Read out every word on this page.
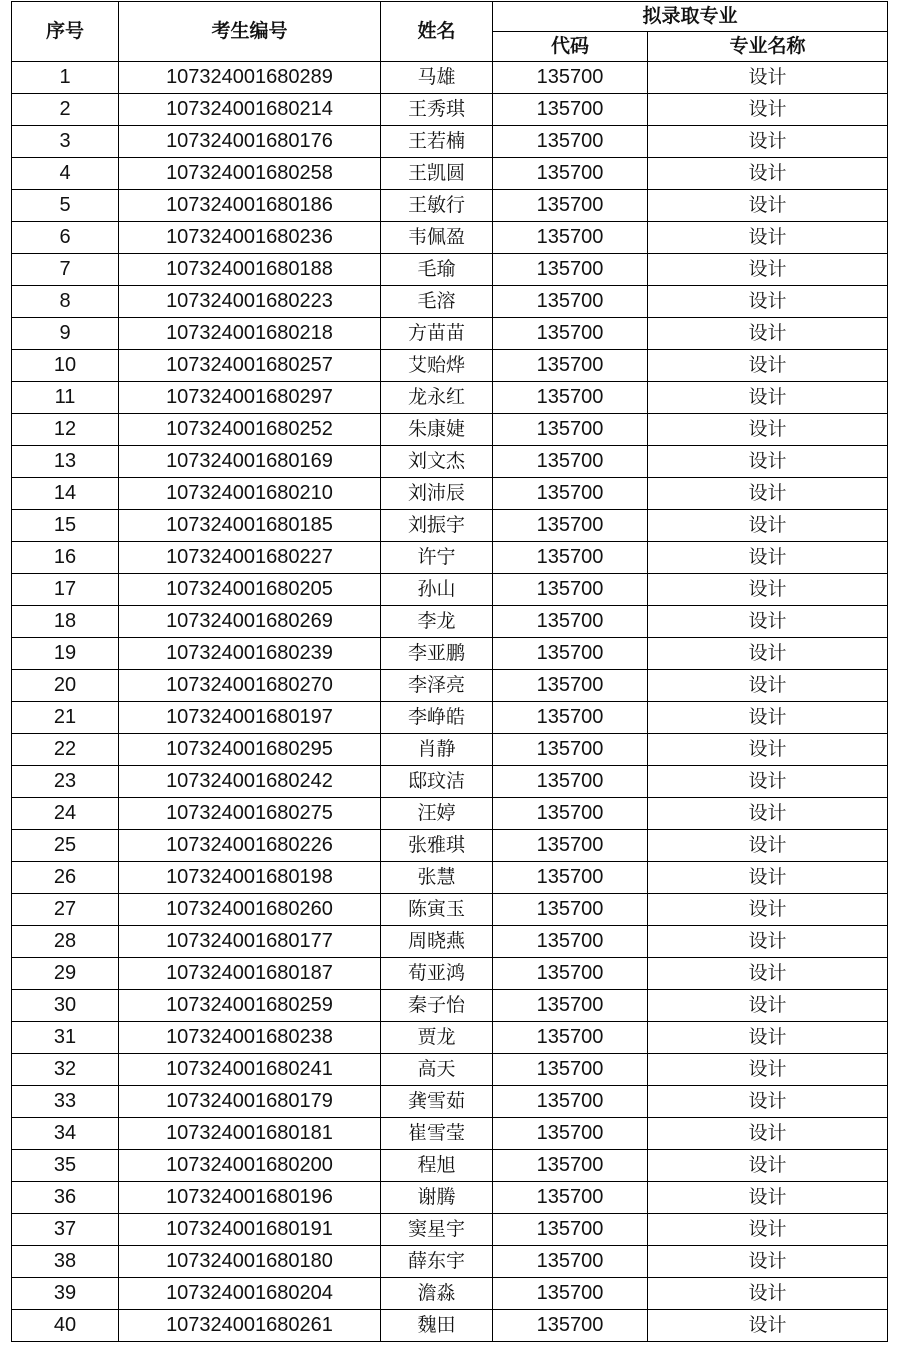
序号	考生编号	姓名	拟录取专业	
			代码	专业名称
1	107324001680289	马雄	135700	设计
2	107324001680214	王秀琪	135700	设计
3	107324001680176	王若楠	135700	设计
4	107324001680258	王凯圆	135700	设计
5	107324001680186	王敏行	135700	设计
6	107324001680236	韦佩盈	135700	设计
7	107324001680188	毛瑜	135700	设计
8	107324001680223	毛溶	135700	设计
9	107324001680218	方苗苗	135700	设计
10	107324001680257	艾贻烨	135700	设计
11	107324001680297	龙永红	135700	设计
12	107324001680252	朱康婕	135700	设计
13	107324001680169	刘文杰	135700	设计
14	107324001680210	刘沛辰	135700	设计
15	107324001680185	刘振宇	135700	设计
16	107324001680227	许宁	135700	设计
17	107324001680205	孙山	135700	设计
18	107324001680269	李龙	135700	设计
19	107324001680239	李亚鹏	135700	设计
20	107324001680270	李泽亮	135700	设计
21	107324001680197	李峥皓	135700	设计
22	107324001680295	肖静	135700	设计
23	107324001680242	邸玟洁	135700	设计
24	107324001680275	汪婷	135700	设计
25	107324001680226	张雅琪	135700	设计
26	107324001680198	张慧	135700	设计
27	107324001680260	陈寅玉	135700	设计
28	107324001680177	周晓燕	135700	设计
29	107324001680187	荀亚鸿	135700	设计
30	107324001680259	秦子怡	135700	设计
31	107324001680238	贾龙	135700	设计
32	107324001680241	高天	135700	设计
33	107324001680179	龚雪茹	135700	设计
34	107324001680181	崔雪莹	135700	设计
35	107324001680200	程旭	135700	设计
36	107324001680196	谢腾	135700	设计
37	107324001680191	窦星宇	135700	设计
38	107324001680180	薛东宇	135700	设计
39	107324001680204	澹淼	135700	设计
40	107324001680261	魏田	135700	设计
